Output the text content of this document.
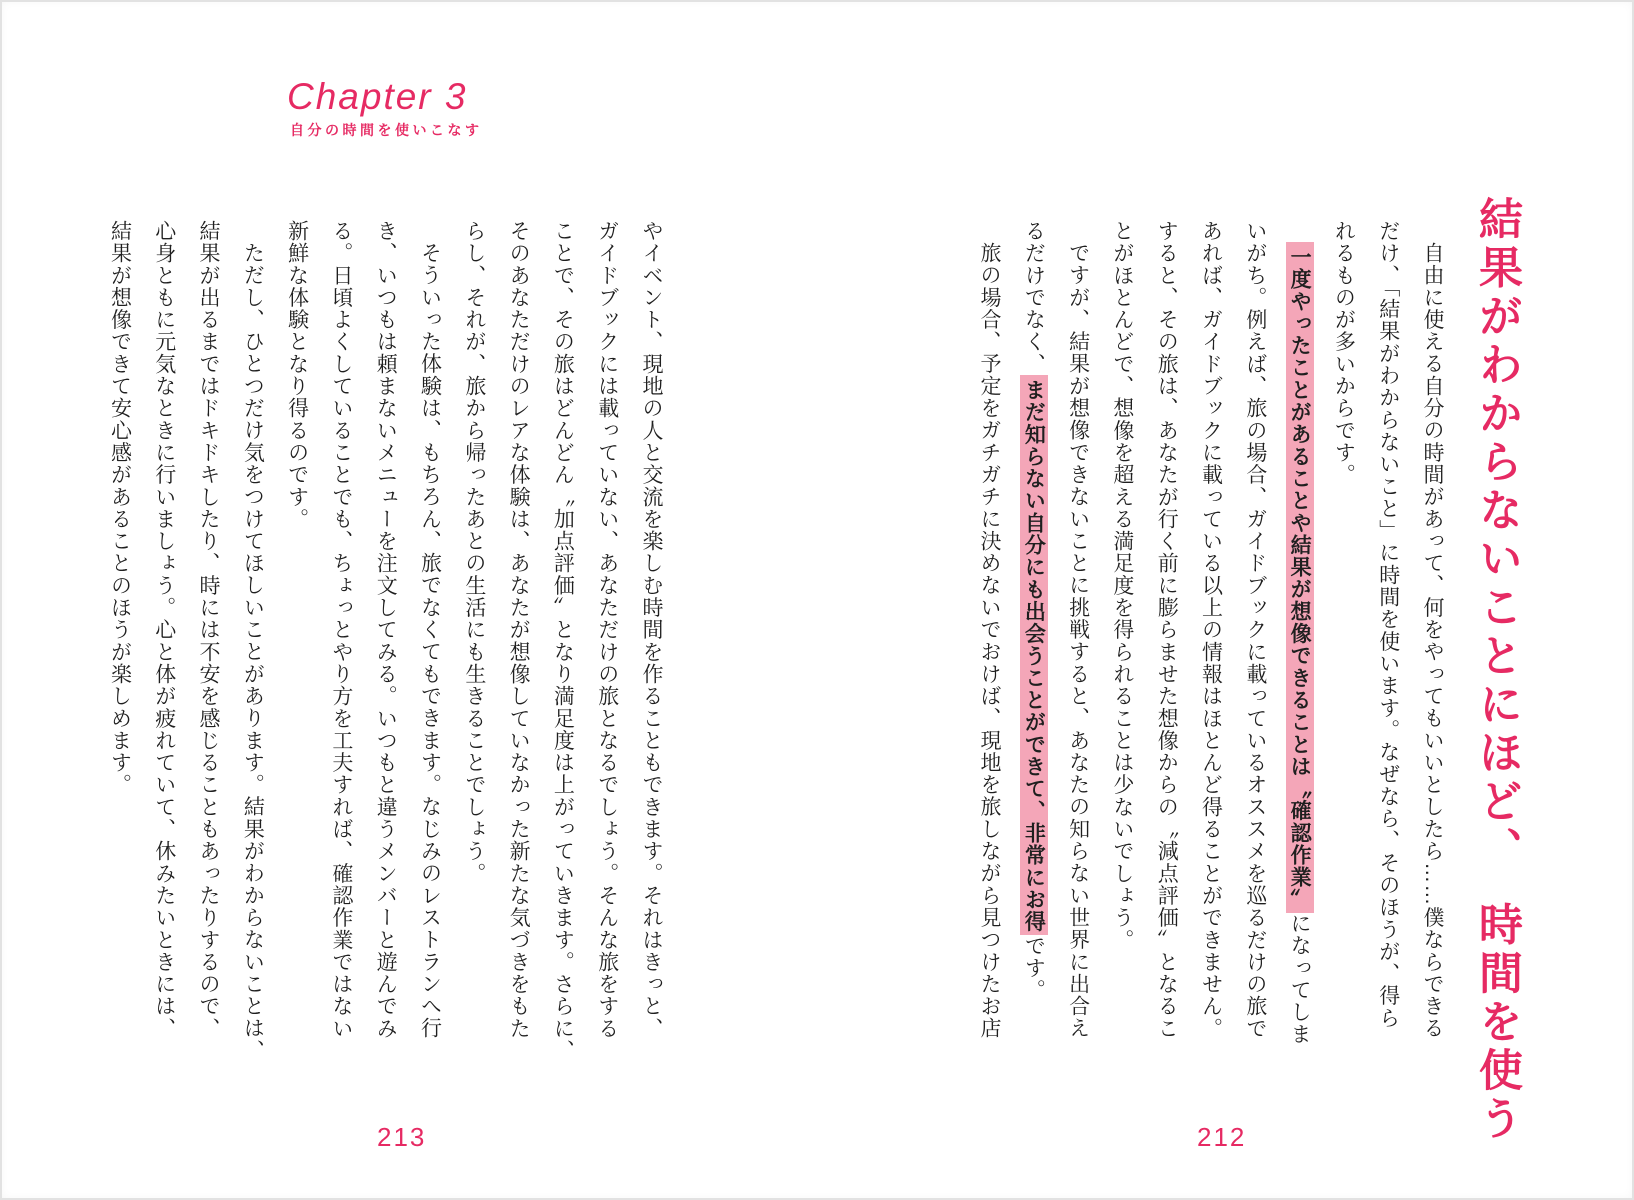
Chapter 3
自分の時間を使いこなす
結果がわからないことにほど、　時間を使う
自由に使える自分の時間があって、何をやってもいいとしたら……僕ならできる
だけ、「結果がわからないこと」に時間を使います。なぜなら、そのほうが、得ら
れるものが多いからです。
一度やったことがあることや結果が想像できることは〝確認作業〟になってしま
いがち。例えば、旅の場合、ガイドブックに載っているオススメを巡るだけの旅で
あれば、ガイドブックに載っている以上の情報はほとんど得ることができません。
すると、その旅は、あなたが行く前に膨らませた想像からの〝減点評価〟となるこ
とがほとんどで、想像を超える満足度を得られることは少ないでしょう。
ですが、結果が想像できないことに挑戦すると、あなたの知らない世界に出合え
るだけでなく、まだ知らない自分にも出会うことができて、非常にお得です。
旅の場合、予定をガチガチに決めないでおけば、現地を旅しながら見つけたお店
212
やイベント、現地の人と交流を楽しむ時間を作ることもできます。それはきっと、
ガイドブックには載っていない、あなただけの旅となるでしょう。そんな旅をする
ことで、その旅はどんどん〝加点評価〟となり満足度は上がっていきます。さらに、
そのあなただけのレアな体験は、あなたが想像していなかった新たな気づきをもた
らし、それが、旅から帰ったあとの生活にも生きることでしょう。
そういった体験は、もちろん、旅でなくてもできます。なじみのレストランへ行
き、いつもは頼まないメニューを注文してみる。いつもと違うメンバーと遊んでみ
る。日頃よくしていることでも、ちょっとやり方を工夫すれば、確認作業ではない
新鮮な体験となり得るのです。
ただし、ひとつだけ気をつけてほしいことがあります。結果がわからないことは、
結果が出るまではドキドキしたり、時には不安を感じることもあったりするので、
心身ともに元気なときに行いましょう。心と体が疲れていて、休みたいときには、
結果が想像できて安心感があることのほうが楽しめます。
213
